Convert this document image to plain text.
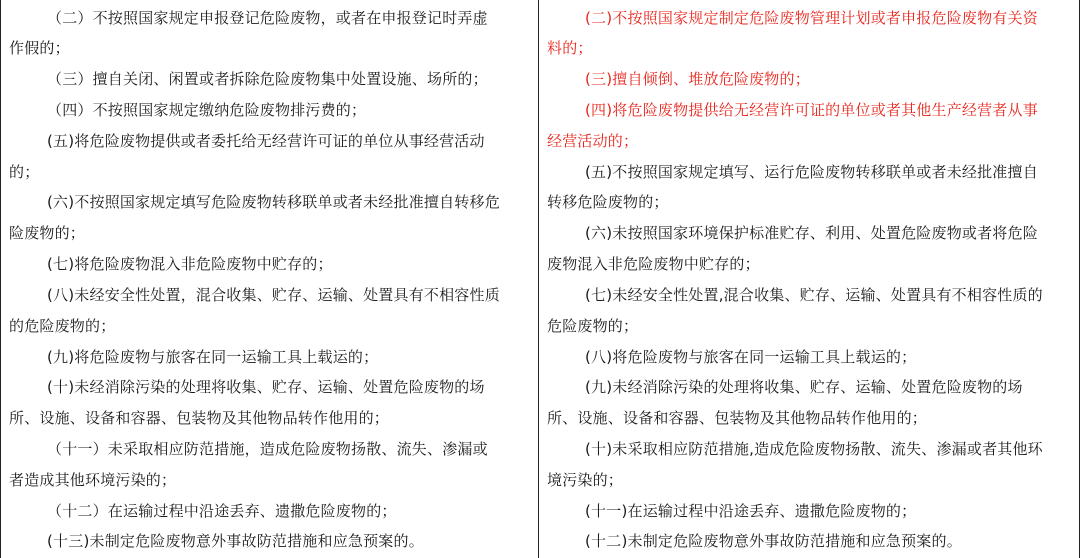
（二）不按照国家规定申报登记危险废物，或者在申报登记时弄虚
作假的；
（三）擅自关闭、闲置或者拆除危险废物集中处置设施、场所的；
（四）不按照国家规定缴纳危险废物排污费的；
(五)将危险废物提供或者委托给无经营许可证的单位从事经营活动
的；
(六)不按照国家规定填写危险废物转移联单或者未经批准擅自转移危
险废物的；
(七)将危险废物混入非危险废物中贮存的；
(八)未经安全性处置，混合收集、贮存、运输、处置具有不相容性质
的危险废物的；
(九)将危险废物与旅客在同一运输工具上载运的；
(十)未经消除污染的处理将收集、贮存、运输、处置危险废物的场
所、设施、设备和容器、包装物及其他物品转作他用的；
（十一）未采取相应防范措施，造成危险废物扬散、流失、渗漏或
者造成其他环境污染的；
（十二）在运输过程中沿途丢弃、遗撒危险废物的；
(十三)未制定危险废物意外事故防范措施和应急预案的。
(二)不按照国家规定制定危险废物管理计划或者申报危险废物有关资
料的；
(三)擅自倾倒、堆放危险废物的；
(四)将危险废物提供给无经营许可证的单位或者其他生产经营者从事
经营活动的；
(五)不按照国家规定填写、运行危险废物转移联单或者未经批准擅自
转移危险废物的；
(六)未按照国家环境保护标准贮存、利用、处置危险废物或者将危险
废物混入非危险废物中贮存的；
(七)未经安全性处置,混合收集、贮存、运输、处置具有不相容性质的
危险废物的；
(八)将危险废物与旅客在同一运输工具上载运的；
(九)未经消除污染的处理将收集、贮存、运输、处置危险废物的场
所、设施、设备和容器、包装物及其他物品转作他用的；
(十)未采取相应防范措施,造成危险废物扬散、流失、渗漏或者其他环
境污染的；
(十一)在运输过程中沿途丢弃、遗撒危险废物的；
(十二)未制定危险废物意外事故防范措施和应急预案的。
